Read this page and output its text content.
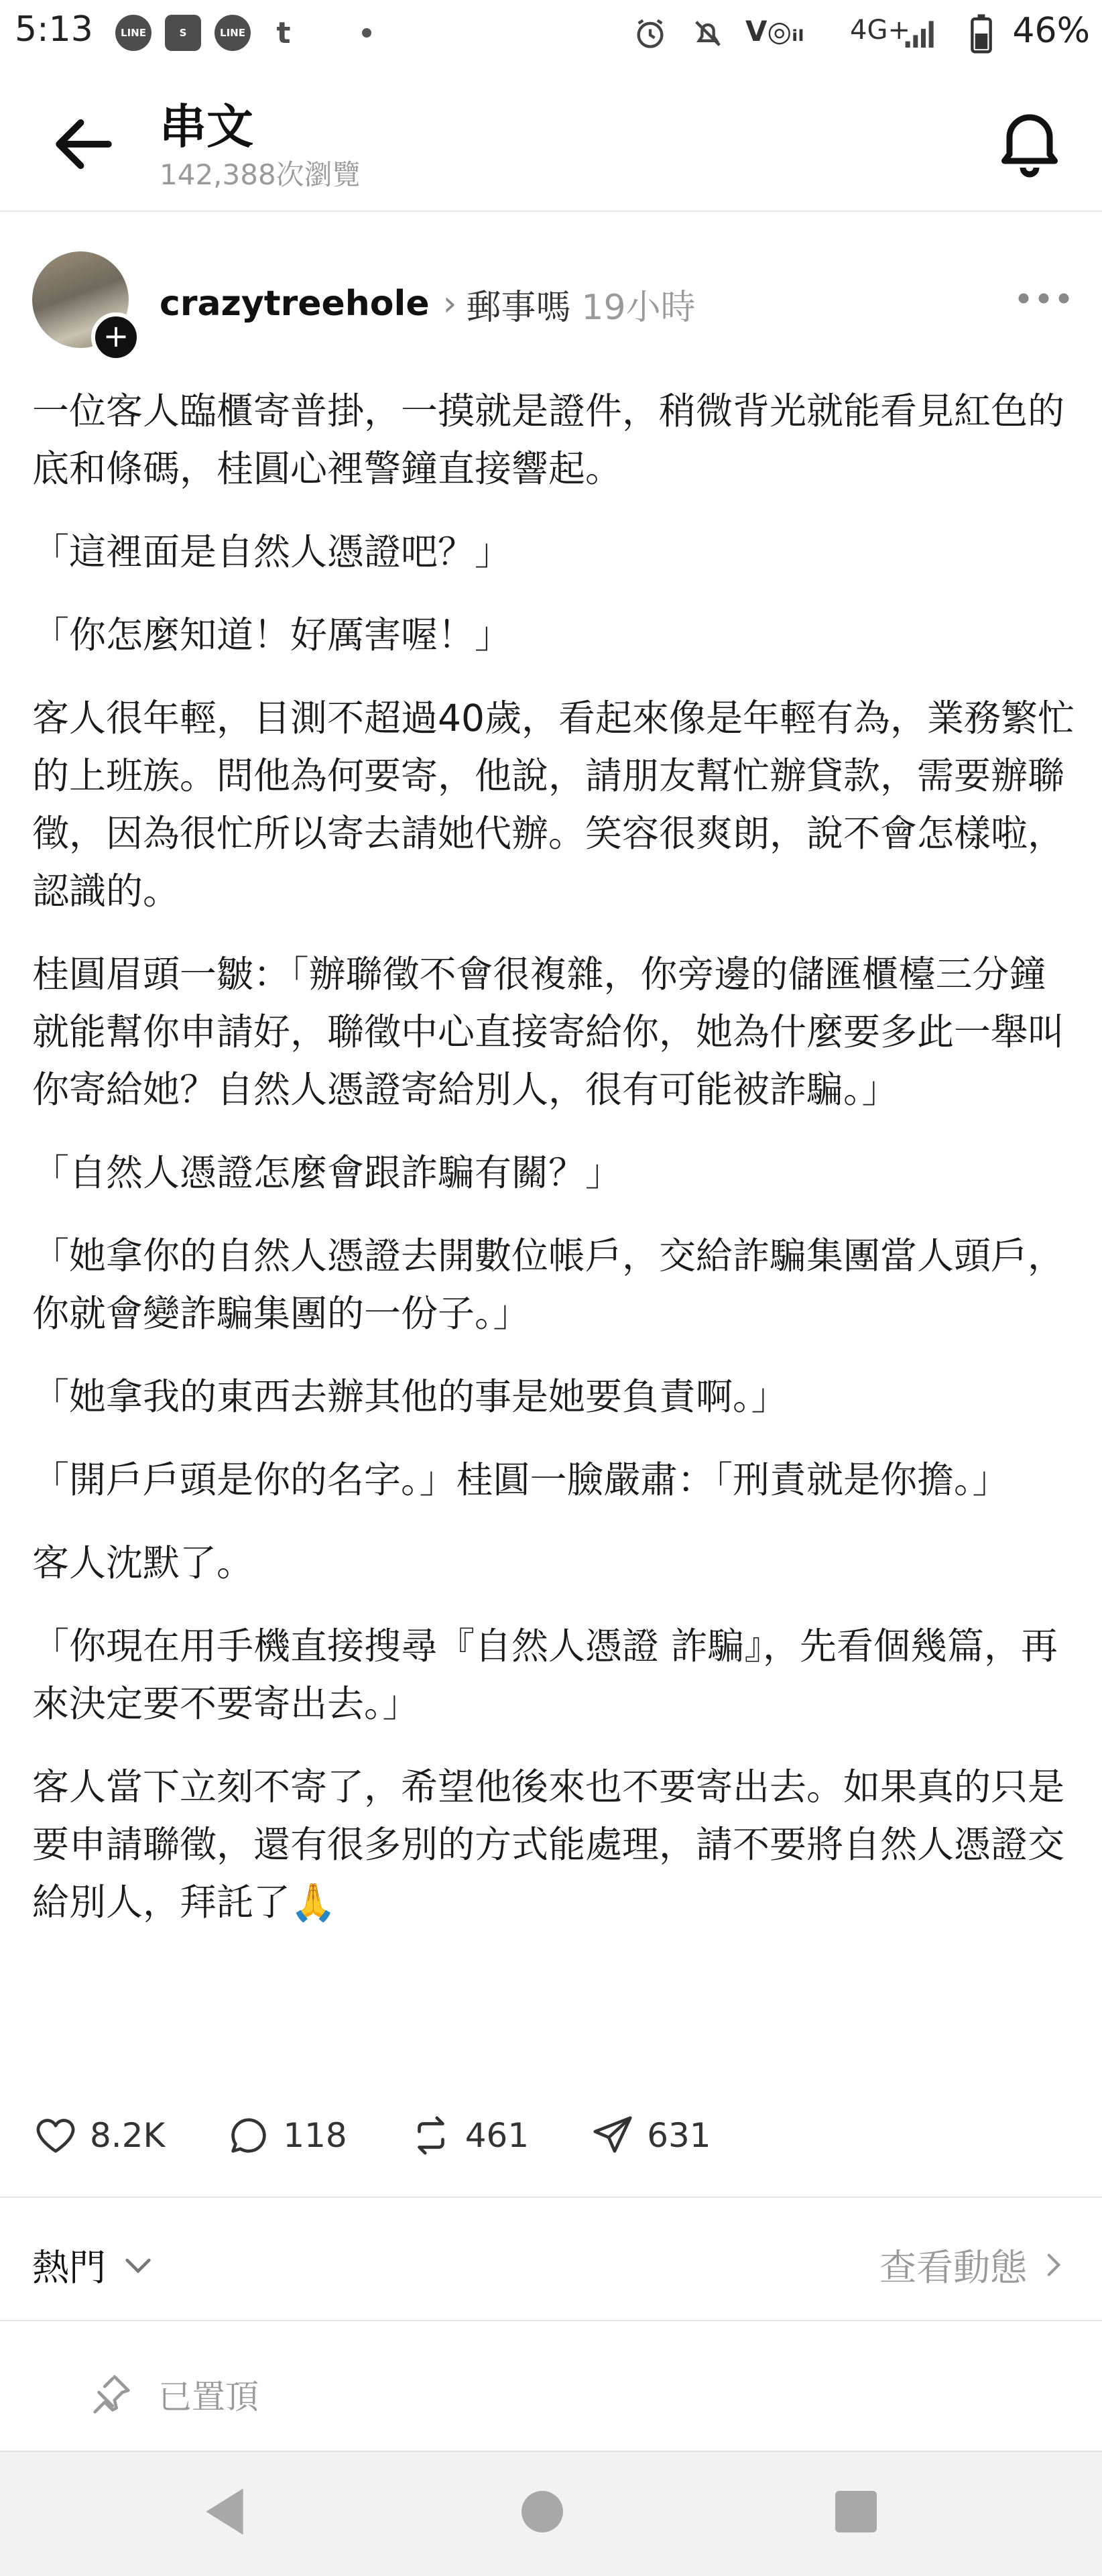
5:13	LINE	S	LINE	t	V◎ᵢₗ 4G+	46%
串文
142,388次瀏覽
+
crazytreehole › 郵事嗎 19小時

一位客人臨櫃寄普掛，一摸就是證件，稍微背光就能看見紅色的底和條碼，桂圓心裡警鐘直接響起。

「這裡面是自然人憑證吧？」

「你怎麼知道！好厲害喔！」

客人很年輕，目測不超過40歲，看起來像是年輕有為，業務繁忙的上班族。問他為何要寄，他說，請朋友幫忙辦貸款，需要辦聯徵，因為很忙所以寄去請她代辦。笑容很爽朗，說不會怎樣啦，認識的。

桂圓眉頭一皺：「辦聯徵不會很複雜，你旁邊的儲匯櫃檯三分鐘就能幫你申請好，聯徵中心直接寄給你，她為什麼要多此一舉叫你寄給她？自然人憑證寄給別人，很有可能被詐騙。」

「自然人憑證怎麼會跟詐騙有關？」

「她拿你的自然人憑證去開數位帳戶，交給詐騙集團當人頭戶，你就會變詐騙集團的一份子。」

「她拿我的東西去辦其他的事是她要負責啊。」

「開戶戶頭是你的名字。」桂圓一臉嚴肅：「刑責就是你擔。」

客人沈默了。

「你現在用手機直接搜尋『自然人憑證 詐騙』，先看個幾篇，再來決定要不要寄出去。」

客人當下立刻不寄了，希望他後來也不要寄出去。如果真的只是要申請聯徵，還有很多別的方式能處理，請不要將自然人憑證交給別人，拜託了🙏

8.2K	118	461	631
熱門	查看動態
已置頂
